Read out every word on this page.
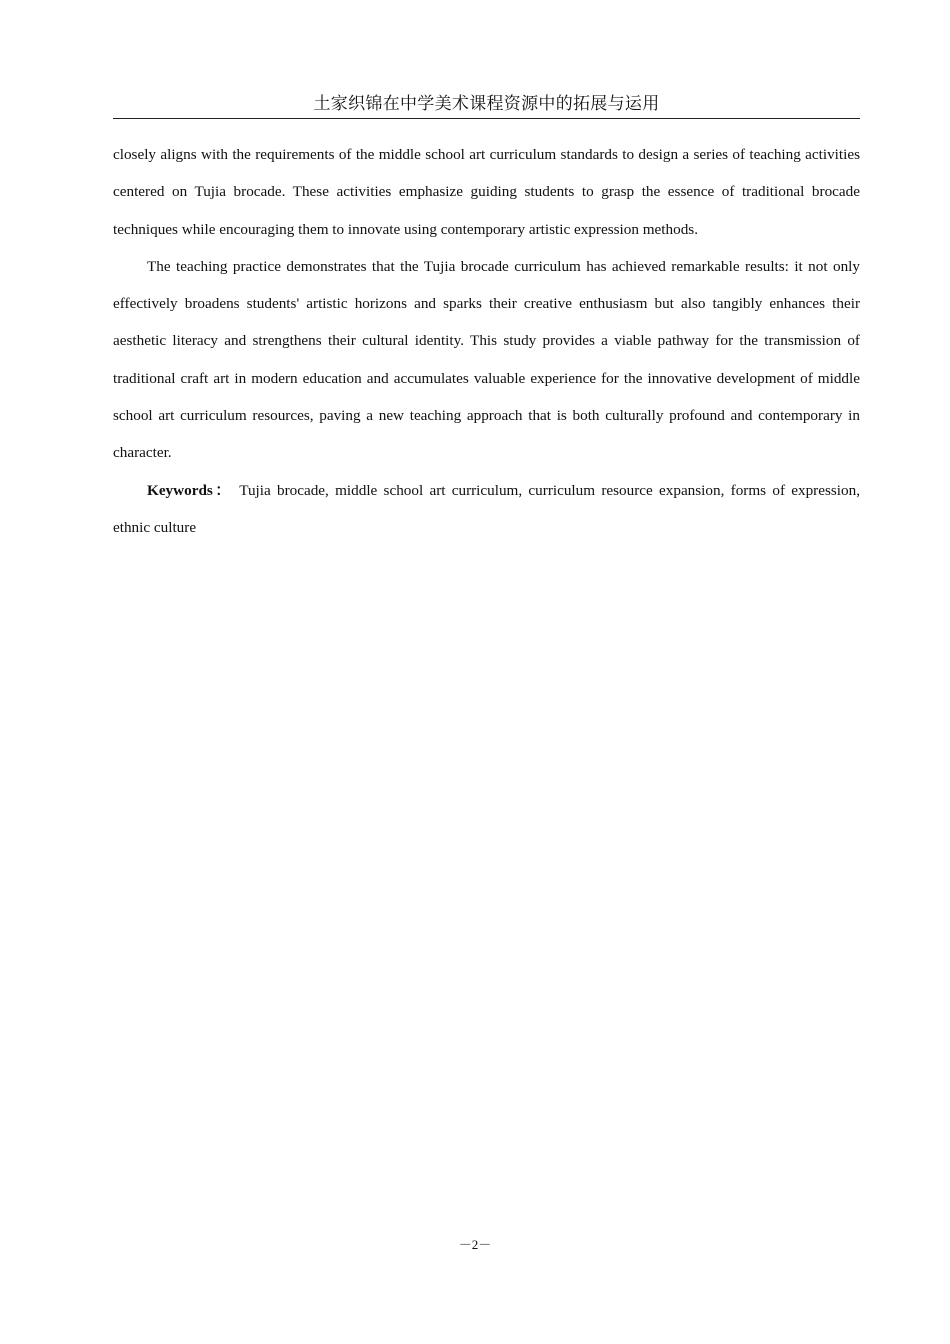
土家织锦在中学美术课程资源中的拓展与运用

closely aligns with the requirements of the middle school art curriculum standards to design a series of teaching activities centered on Tujia brocade. These activities emphasize guiding students to grasp the essence of traditional brocade techniques while encouraging them to innovate using contemporary artistic expression methods.

The teaching practice demonstrates that the Tujia brocade curriculum has achieved remarkable results: it not only effectively broadens students' artistic horizons and sparks their creative enthusiasm but also tangibly enhances their aesthetic literacy and strengthens their cultural identity. This study provides a viable pathway for the transmission of traditional craft art in modern education and accumulates valuable experience for the innovative development of middle school art curriculum resources, paving a new teaching approach that is both culturally profound and contemporary in character.

Keywords： Tujia brocade, middle school art curriculum, curriculum resource expansion, forms of expression, ethnic culture

－2－
